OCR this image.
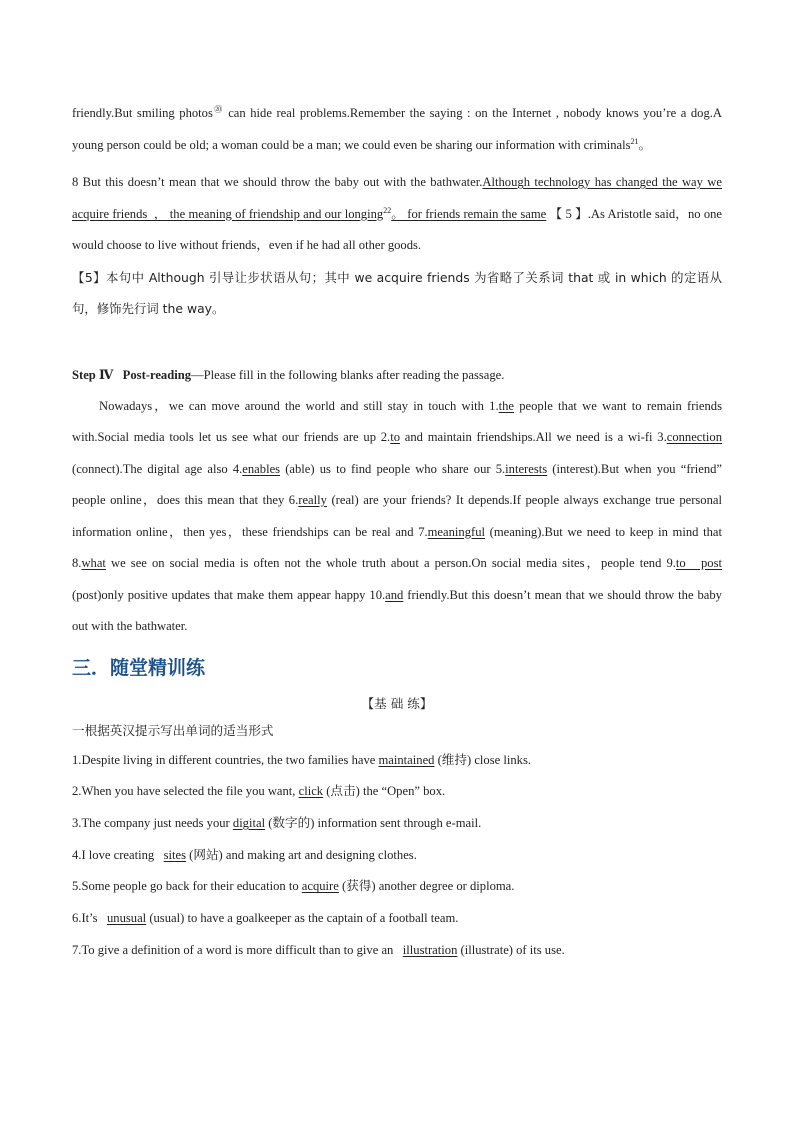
friendly.But smiling photos⑳ can hide real problems.Remember the saying : on the Internet , nobody knows you’re a dog.A young person could be old; a woman could be a man; we could even be sharing our information with criminals$^{21}$。

8 But this doesn’t mean that we should throw the baby out with the bathwater.Although technology has changed the way we acquire friends  ， the meaning of friendship and our longing$^{22}$。 for friends remain the same 【 5 】.As Aristotle said，no one would choose to live without friends，even if he had all other goods.

【5】本句中 Although 引导让步状语从句；其中 we acquire friends 为省略了关系词 that 或 in which 的定语从句，修饰先行词 the way。

Step Ⅳ   Post-reading—Please fill in the following blanks after reading the passage.

Nowadays，we can move around the world and still stay in touch with 1.the people that we want to remain friends with.Social media tools let us see what our friends are up 2.to and maintain friendships.All we need is a wi-fi 3.connection (connect).The digital age also 4.enables (able) us to find people who share our 5.interests (interest).But when you “friend” people online，does this mean that they 6.really (real) are your friends? It depends.If people always exchange true personal information online，then yes，these friendships can be real and 7.meaningful (meaning).But we need to keep in mind that 8.what we see on social media is often not the whole truth about a person.On social media sites，people tend 9.to   post (post)only positive updates that make them appear happy 10.and friendly.But this doesn’t mean that we should throw the baby out with the bathwater.

三．随堂精训练
【基 础 练】

一根据英汉提示写出单词的适当形式

1.Despite living in different countries, the two families have maintained (维持) close links.

2.When you have selected the file you want, click (点击) the “Open” box.

3.The company just needs your digital (数字的) information sent through e-mail.

4.I love creating   sites (网站) and making art and designing clothes.

5.Some people go back for their education to acquire (获得) another degree or diploma.

6.It’s   unusual (usual) to have a goalkeeper as the captain of a football team.

7.To give a definition of a word is more difficult than to give an   illustration (illustrate) of its use.
